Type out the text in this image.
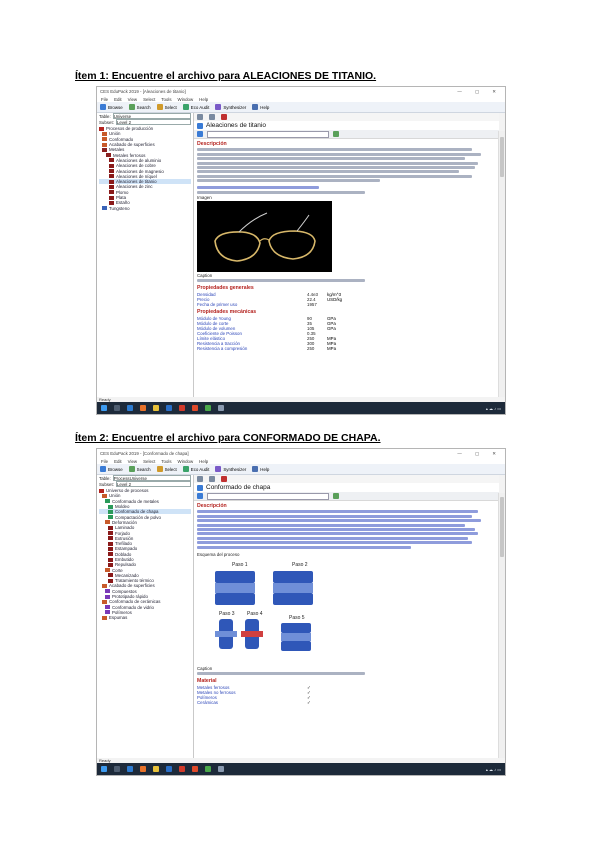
Ítem 1: Encuentre el archivo para ALEACIONES DE TITANIO.
CES EduPack 2019 - [Aleaciones de titanio]	— ▢ ✕
File Edit View Select Tools Window Help
Browse	Search	Select	Eco Audit	Synthesizer	Help
Table: Universe
Subset: Level 2
Procesos de producción
Unión
Conformado
Acabado de superficies
Metales
Metales ferrosos
Aleaciones de aluminio
Aleaciones de cobre
Aleaciones de magnesio
Aleaciones de níquel
Aleaciones de titanio
Aleaciones de zinc
Plomo
Plata
Estaño
Tungsteno
Aleaciones de titanio
Descripción
Imagen
Caption
Propiedades generales
Densidad	4.4e3	kg/m^3
Precio	22.4	USD/kg
Fecha de primer uso	1957
Propiedades mecánicas
Módulo de Young	90	GPa
Módulo de corte	35	GPa
Módulo de volumen	105	GPa
Coeficiente de Poisson	0.35
Límite elástico	250	MPa
Resistencia a tracción	300	MPa
Resistencia a compresión	250	MPa
Ready
▴ ☁ ♪ ▭
Ítem 2: Encuentre el archivo para CONFORMADO DE CHAPA.
CES EduPack 2019 - [Conformado de chapa]	— ▢ ✕
File Edit View Select Tools Window Help
Browse	Search	Select	Eco Audit	Synthesizer	Help
Table: ProcessUniverse
Subset: Level 2
Universo de procesos
Unión
Conformado de metales
Moldeo
Conformado de chapa
Compactación de polvo
Deformación
Laminado
Forjado
Extrusión
Trefilado
Estampado
Doblado
Embutido
Repulsado
Corte
Mecanizado
Tratamiento térmico
Acabado de superficies
Compuestos
Prototipado rápido
Conformado de cerámicas
Conformado de vidrio
Polímeros
Espumas
Conformado de chapa
Descripción
Esquema del proceso
Paso 1	Paso 2
Paso 3 Paso 4
Paso 5
Caption
Material
Metales ferrosos	✓
Metales no ferrosos	✓
Polímeros	✓
Cerámicas	✓
Ready
▴ ☁ ♪ ▭
